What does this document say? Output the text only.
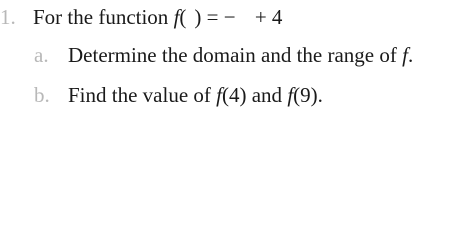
1. For the function f( ) = − + 4
a. Determine the domain and the range of f.
b. Find the value of f(4) and f(9).
